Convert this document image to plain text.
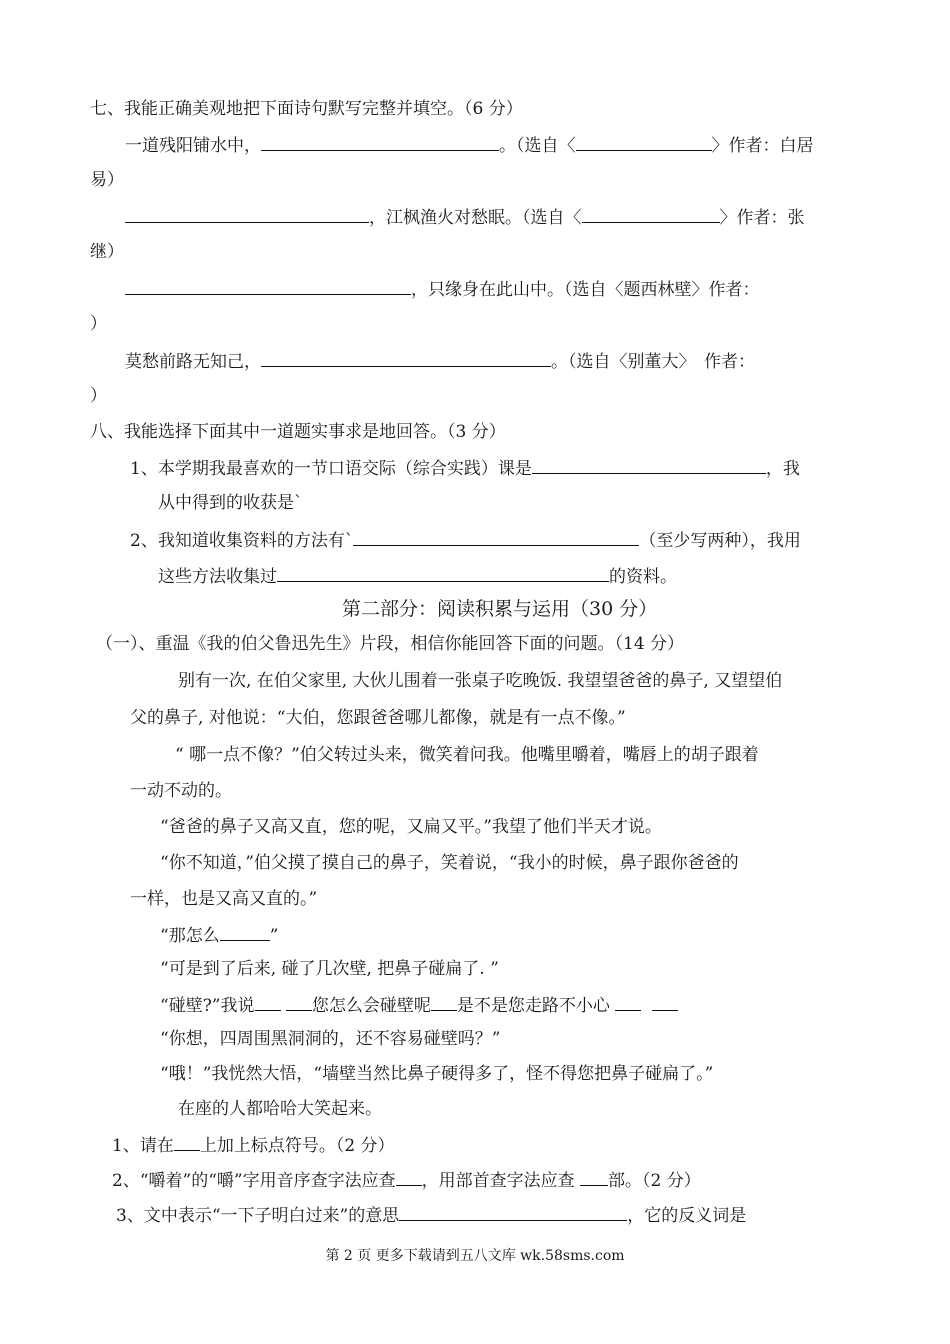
七、我能正确美观地把下面诗句默写完整并填空。（6 分）
一道残阳铺水中，	。（选自〈	〉作者：白居
易）
，江枫渔火对愁眠。（选自〈	〉作者：张
继）
，只缘身在此山中。（选自〈题西林壁〉作者：
）
莫愁前路无知己，	。（选自〈别董大〉　作者：
）
八、我能选择下面其中一道题实事求是地回答。（3 分）
1、本学期我最喜欢的一节口语交际（综合实践）课是	，我
从中得到的收获是`
2、我知道收集资料的方法有`	（至少写两种），我用
这些方法收集过	的资料。
第二部分：阅读积累与运用（30 分）
（一）、重温《我的伯父鲁迅先生》片段，相信你能回答下面的问题。（14 分）
别有一次, 在伯父家里, 大伙儿围着一张桌子吃晚饭. 我望望爸爸的鼻子, 又望望伯
父的鼻子, 对他说：“大伯，您跟爸爸哪儿都像，就是有一点不像。”
“ 哪一点不像？”伯父转过头来，微笑着问我。他嘴里嚼着，嘴唇上的胡子跟着
一动不动的。
“爸爸的鼻子又高又直，您的呢，又扁又平。”我望了他们半天才说。
“你不知道，”伯父摸了摸自己的鼻子，笑着说，“我小的时候，鼻子跟你爸爸的
一样，也是又高又直的。”
“那怎么	”
“可是到了后来, 碰了几次壁, 把鼻子碰扁了. ”
“碰壁?”我说	您怎么会碰壁呢 是不是您走路不小心
“你想，四周围黑洞洞的，还不容易碰壁吗？”
“哦！”我恍然大悟，“墙壁当然比鼻子硬得多了，怪不得您把鼻子碰扁了。”
在座的人都哈哈大笑起来。
1、请在 上加上标点符号。（2 分）
2、“嚼着”的“嚼”字用音序查字法应查 ，用部首查字法应查 部。（2 分）
3、文中表示“一下子明白过来”的意思	，它的反义词是
第 2 页 更多下载请到五八文库 wk.58sms.com
